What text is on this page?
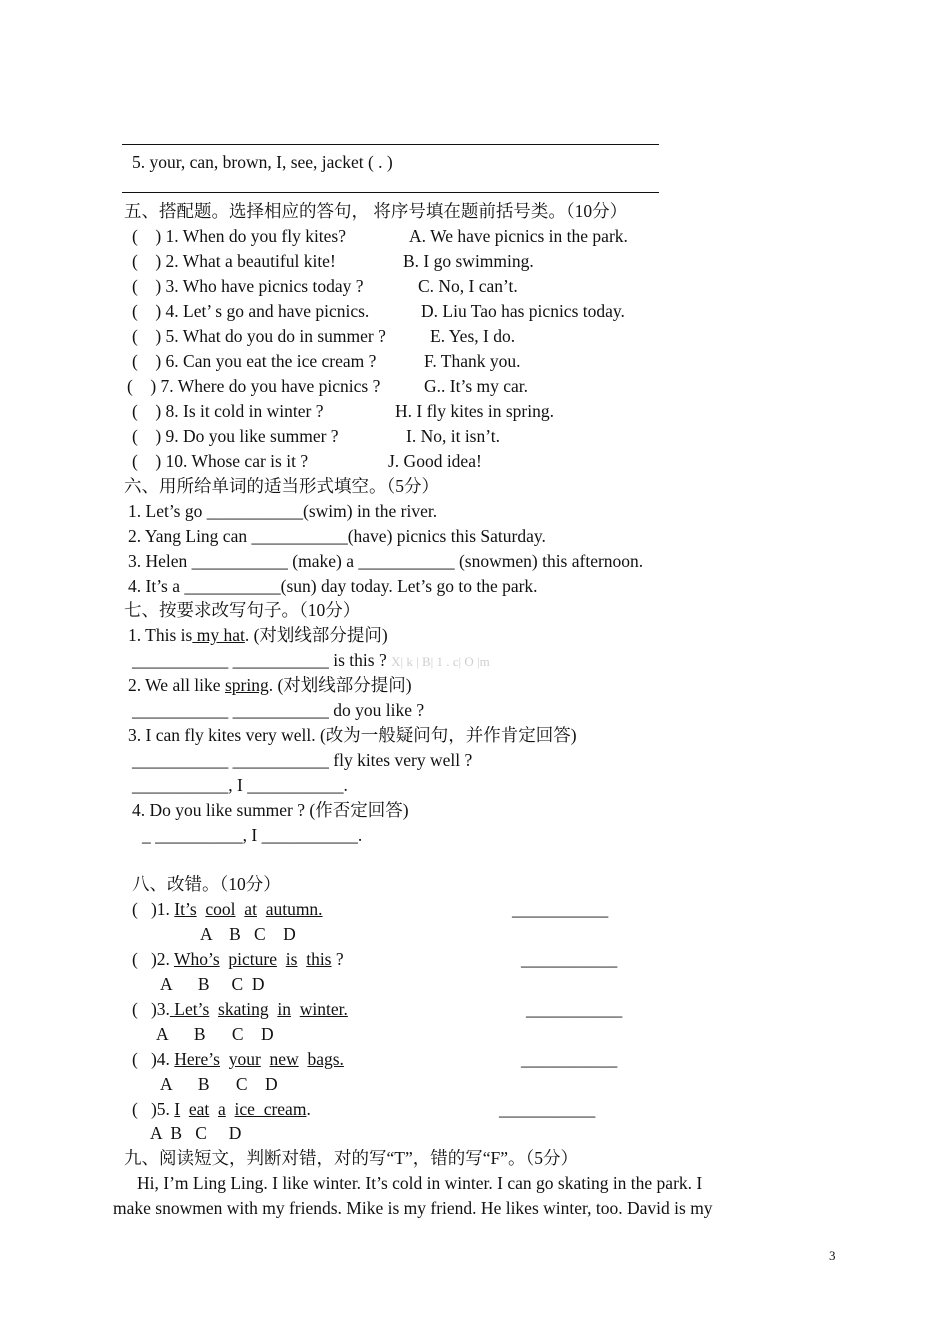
5. your, can, brown, I, see, jacket ( . )
五、搭配题。选择相应的答句， 将序号填在题前括号类。（10分）
(    ) 1. When do you fly kites?	A. We have picnics in the park.
(    ) 2. What a beautiful kite!	B. I go swimming.
(    ) 3. Who have picnics today ?	C. No, I can’t.
(    ) 4. Let’ s go and have picnics.	D. Liu Tao has picnics today.
(    ) 5. What do you do in summer ?	E. Yes, I do.
(    ) 6. Can you eat the ice cream ?	F. Thank you.
(    ) 7. Where do you have picnics ? G.. It’s my car.
(    ) 8. Is it cold in winter ?	H. I fly kites in spring.
(    ) 9. Do you like summer ?	I. No, it isn’t.
(    ) 10. Whose car is it ?	J. Good idea!
六、用所给单词的适当形式填空。（5分）
1. Let’s go ___________(swim) in the river.
2. Yang Ling can ___________(have) picnics this Saturday.
3. Helen ___________ (make) a ___________ (snowmen) this afternoon.
4. It’s a ___________(sun) day today. Let’s go to the park.
七、按要求改写句子。（10分）
1. This is my hat. (对划线部分提问)
___________ ___________ is this ? X| k | B| 1 . c| O |m
2. We all like spring. (对划线部分提问)
___________ ___________ do you like ?
3. I can fly kites very well. (改为一般疑问句，并作肯定回答)
___________ ___________ fly kites very well ?
___________, I ___________.
4. Do you like summer ? (作否定回答)
_ __________, I ___________.
八、改错。（10分）
(   )1. It’s cool at autumn.	___________
A    B   C    D
(   )2. Who’s picture is this ?	___________
A      B     C  D
(   )3. Let’s skating in winter.	___________
A      B      C    D
(   )4. Here’s your new bags.	___________
A      B      C    D
(   )5. I eat a ice  cream.	___________
A  B   C     D
九、阅读短文，判断对错，对的写“T”，错的写“F”。（5分）
Hi, I’m Ling Ling. I like winter. It’s cold in winter. I can go skating in the park. I
make snowmen with my friends. Mike is my friend. He likes winter, too. David is my
3
